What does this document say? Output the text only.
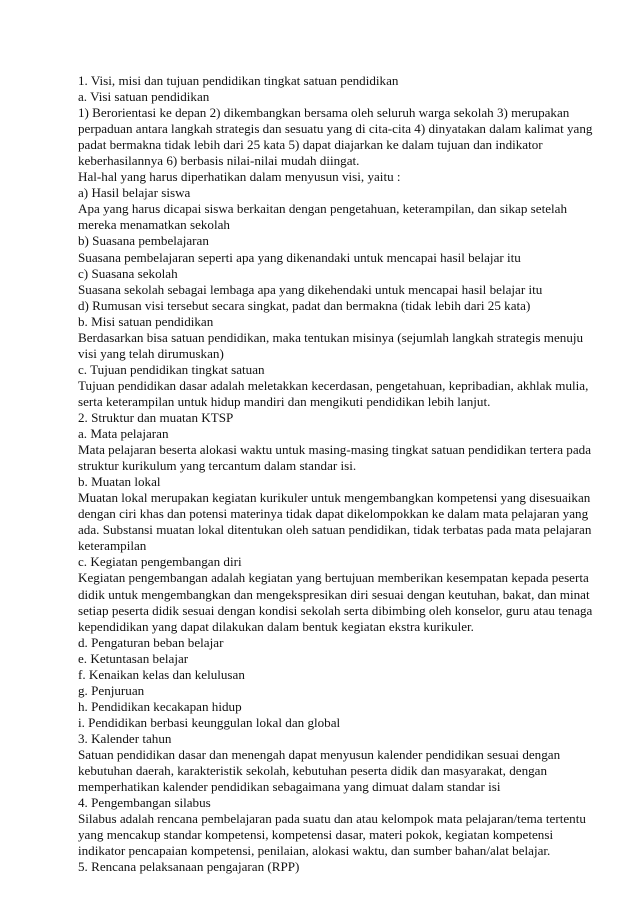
1. Visi, misi dan tujuan pendidikan tingkat satuan pendidikan

a. Visi satuan pendidikan

1) Berorientasi ke depan 2) dikembangkan bersama oleh seluruh warga sekolah 3) merupakan perpaduan antara langkah strategis dan sesuatu yang di cita-cita 4) dinyatakan dalam kalimat yang padat bermakna tidak lebih dari 25 kata 5) dapat diajarkan ke dalam tujuan dan indikator keberhasilannya 6) berbasis nilai-nilai mudah diingat.

Hal-hal yang harus diperhatikan dalam menyusun visi, yaitu :

a) Hasil belajar siswa

Apa yang harus dicapai siswa berkaitan dengan pengetahuan, keterampilan, dan sikap setelah mereka menamatkan sekolah

b) Suasana pembelajaran

Suasana pembelajaran seperti apa yang dikenandaki untuk mencapai hasil belajar itu

c) Suasana sekolah

Suasana sekolah sebagai lembaga apa yang dikehendaki untuk mencapai hasil belajar itu

d) Rumusan visi tersebut secara singkat, padat dan bermakna (tidak lebih dari 25 kata)

b. Misi satuan pendidikan

Berdasarkan bisa satuan pendidikan, maka tentukan misinya (sejumlah langkah strategis menuju visi yang telah dirumuskan)

c. Tujuan pendidikan tingkat satuan

Tujuan pendidikan dasar adalah meletakkan kecerdasan, pengetahuan, kepribadian, akhlak mulia, serta keterampilan untuk hidup mandiri dan mengikuti pendidikan lebih lanjut.

2. Struktur dan muatan KTSP

a. Mata pelajaran

Mata pelajaran beserta alokasi waktu untuk masing-masing tingkat satuan pendidikan tertera pada struktur kurikulum yang tercantum dalam standar isi.

b. Muatan lokal

Muatan lokal merupakan kegiatan kurikuler untuk mengembangkan kompetensi yang disesuaikan dengan ciri khas dan potensi materinya tidak dapat dikelompokkan ke dalam mata pelajaran yang ada. Substansi muatan lokal ditentukan oleh satuan pendidikan, tidak terbatas pada mata pelajaran keterampilan

c. Kegiatan pengembangan diri

Kegiatan pengembangan adalah kegiatan yang bertujuan memberikan kesempatan kepada peserta didik untuk mengembangkan dan mengekspresikan diri sesuai dengan keutuhan, bakat, dan minat setiap peserta didik sesuai dengan kondisi sekolah serta dibimbing oleh konselor, guru atau tenaga kependidikan yang dapat dilakukan dalam bentuk kegiatan ekstra kurikuler.

d. Pengaturan beban belajar

e. Ketuntasan belajar

f. Kenaikan kelas dan kelulusan

g. Penjuruan

h. Pendidikan kecakapan hidup

i. Pendidikan berbasi keunggulan lokal dan global

3. Kalender tahun

Satuan pendidikan dasar dan menengah dapat menyusun kalender pendidikan sesuai dengan kebutuhan daerah, karakteristik sekolah, kebutuhan peserta didik dan masyarakat, dengan memperhatikan kalender pendidikan sebagaimana yang dimuat dalam standar isi

4. Pengembangan silabus

Silabus adalah rencana pembelajaran pada suatu dan atau kelompok mata pelajaran/tema tertentu yang mencakup standar kompetensi, kompetensi dasar, materi pokok, kegiatan kompetensi indikator pencapaian kompetensi, penilaian, alokasi waktu, dan sumber bahan/alat belajar.

5. Rencana pelaksanaan pengajaran (RPP)
